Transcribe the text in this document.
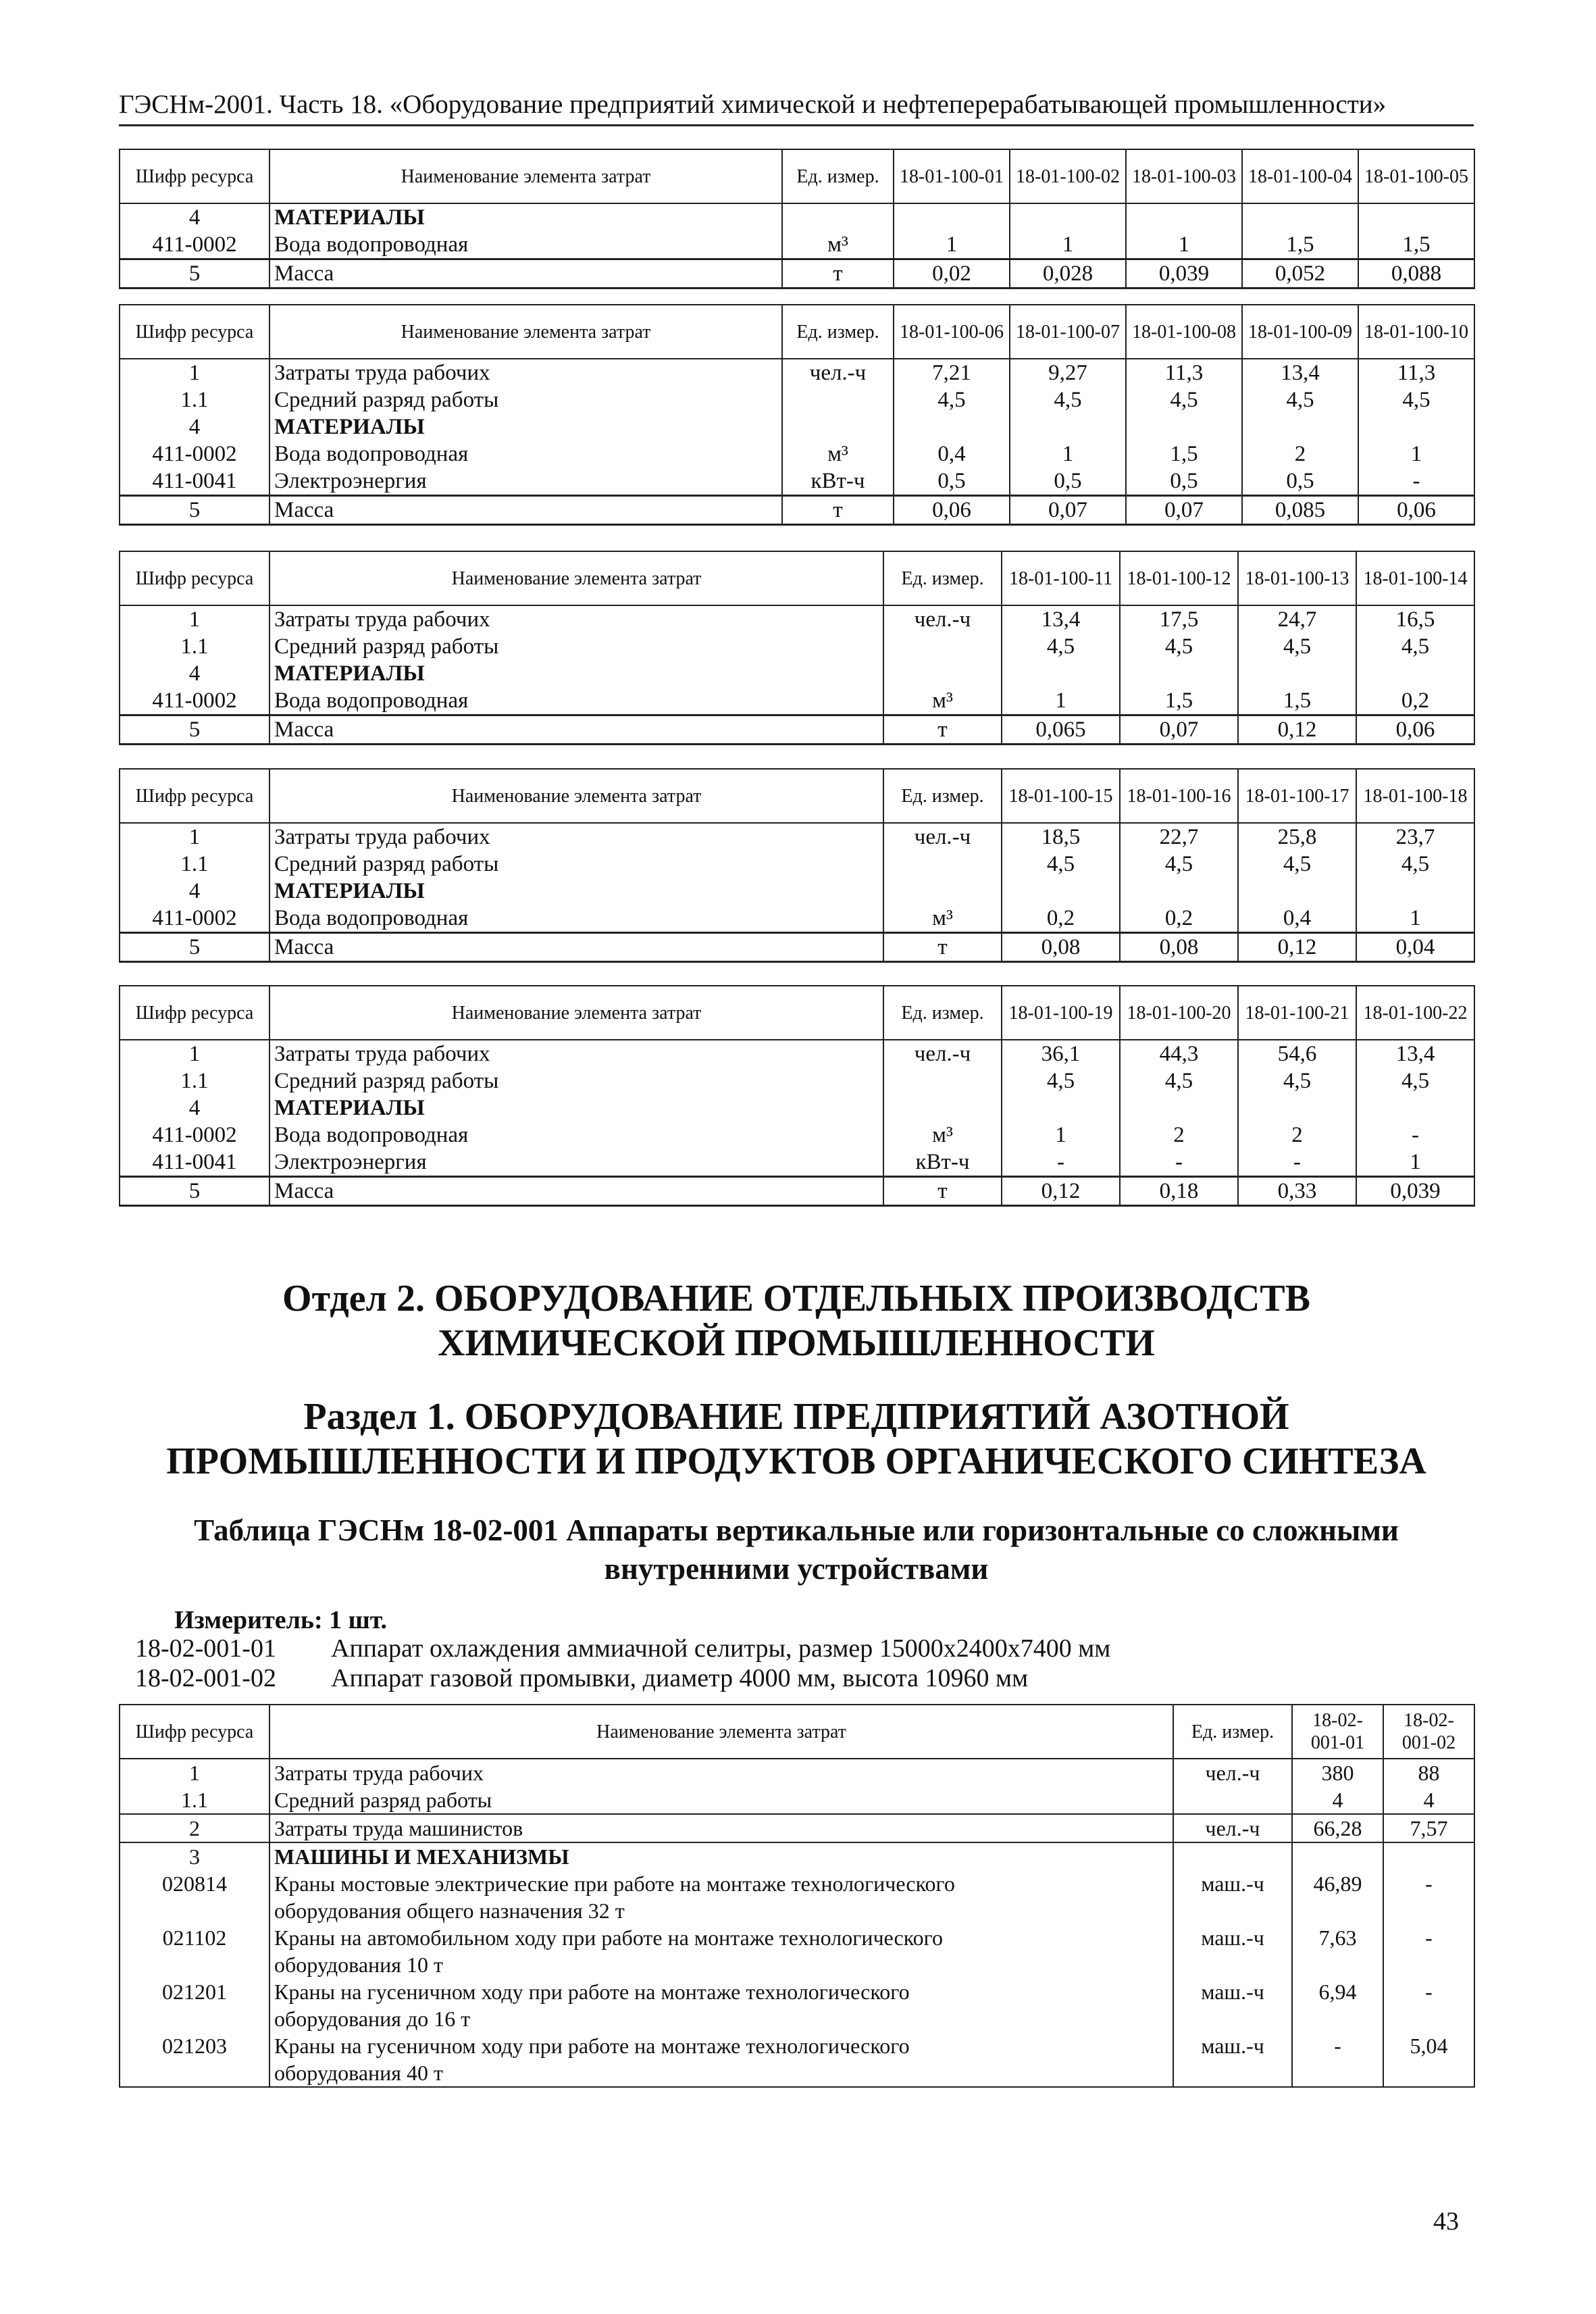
ГЭСНм-2001. Часть 18. «Оборудование предприятий химической и нефтеперерабатывающей промышленности»
Шифр ресурса	Наименование элемента затрат	Ед. измер.	18-01-100-01	18-01-100-02	18-01-100-03	18-01-100-04	18-01-100-05
4	МАТЕРИАЛЫ						
411-0002	Вода водопроводная	м³	1	1	1	1,5	1,5
5	Масса	т	0,02	0,028	0,039	0,052	0,088
Шифр ресурса	Наименование элемента затрат	Ед. измер.	18-01-100-06	18-01-100-07	18-01-100-08	18-01-100-09	18-01-100-10
1	Затраты труда рабочих	чел.-ч	7,21	9,27	11,3	13,4	11,3
1.1	Средний разряд работы		4,5	4,5	4,5	4,5	4,5
4	МАТЕРИАЛЫ						
411-0002	Вода водопроводная	м³	0,4	1	1,5	2	1
411-0041	Электроэнергия	кВт-ч	0,5	0,5	0,5	0,5	-
5	Масса	т	0,06	0,07	0,07	0,085	0,06
Шифр ресурса	Наименование элемента затрат	Ед. измер.	18-01-100-11	18-01-100-12	18-01-100-13	18-01-100-14
1	Затраты труда рабочих	чел.-ч	13,4	17,5	24,7	16,5
1.1	Средний разряд работы		4,5	4,5	4,5	4,5
4	МАТЕРИАЛЫ					
411-0002	Вода водопроводная	м³	1	1,5	1,5	0,2
5	Масса	т	0,065	0,07	0,12	0,06
Шифр ресурса	Наименование элемента затрат	Ед. измер.	18-01-100-15	18-01-100-16	18-01-100-17	18-01-100-18
1	Затраты труда рабочих	чел.-ч	18,5	22,7	25,8	23,7
1.1	Средний разряд работы		4,5	4,5	4,5	4,5
4	МАТЕРИАЛЫ					
411-0002	Вода водопроводная	м³	0,2	0,2	0,4	1
5	Масса	т	0,08	0,08	0,12	0,04
Шифр ресурса	Наименование элемента затрат	Ед. измер.	18-01-100-19	18-01-100-20	18-01-100-21	18-01-100-22
1	Затраты труда рабочих	чел.-ч	36,1	44,3	54,6	13,4
1.1	Средний разряд работы		4,5	4,5	4,5	4,5
4	МАТЕРИАЛЫ					
411-0002	Вода водопроводная	м³	1	2	2	-
411-0041	Электроэнергия	кВт-ч	-	-	-	1
5	Масса	т	0,12	0,18	0,33	0,039
Отдел 2. ОБОРУДОВАНИЕ ОТДЕЛЬНЫХ ПРОИЗВОДСТВ
ХИМИЧЕСКОЙ ПРОМЫШЛЕННОСТИ
Раздел 1. ОБОРУДОВАНИЕ ПРЕДПРИЯТИЙ АЗОТНОЙ
ПРОМЫШЛЕННОСТИ И ПРОДУКТОВ ОРГАНИЧЕСКОГО СИНТЕЗА
Таблица ГЭСНм 18-02-001 Аппараты вертикальные или горизонтальные со сложными
внутренними устройствами
Измеритель: 1 шт.
18-02-001-01 Аппарат охлаждения аммиачной селитры, размер 15000х2400х7400 мм
18-02-001-02 Аппарат газовой промывки, диаметр 4000 мм, высота 10960 мм
Шифр ресурса	Наименование элемента затрат	Ед. измер.	18-02-001-01	18-02-001-02
1	Затраты труда рабочих	чел.-ч	380	88
1.1	Средний разряд работы		4	4
2	Затраты труда машинистов	чел.-ч	66,28	7,57
3	МАШИНЫ И МЕХАНИЗМЫ			
020814	Краны мостовые электрические при работе на монтаже технологического	маш.-ч	46,89	-
	оборудования общего назначения 32 т			
021102	Краны на автомобильном ходу при работе на монтаже технологического	маш.-ч	7,63	-
	оборудования 10 т			
021201	Краны на гусеничном ходу при работе на монтаже технологического	маш.-ч	6,94	-
	оборудования до 16 т			
021203	Краны на гусеничном ходу при работе на монтаже технологического	маш.-ч	-	5,04
	оборудования 40 т			
43
